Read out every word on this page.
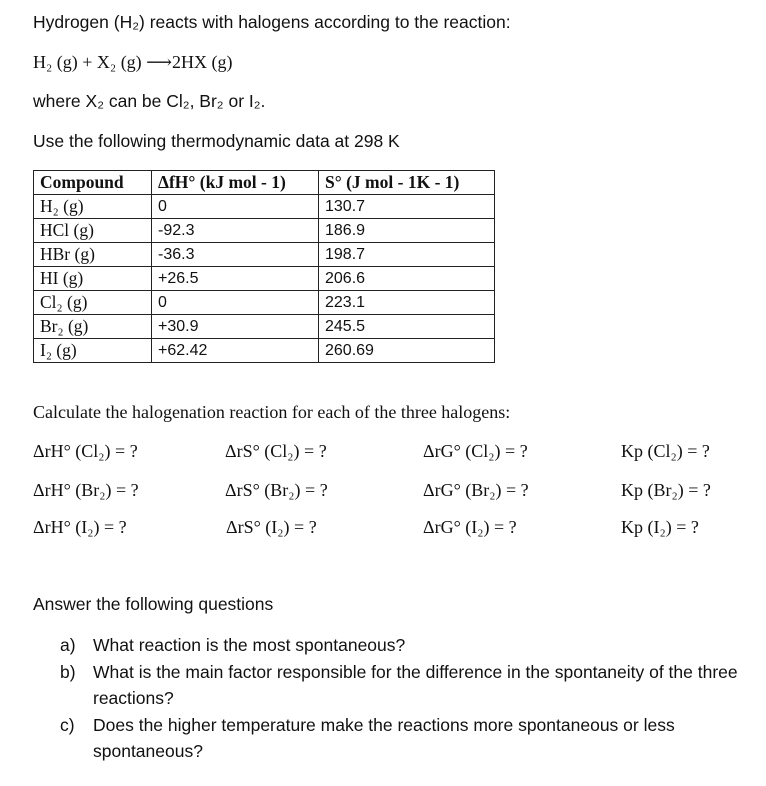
Hydrogen (H₂) reacts with halogens according to the reaction:
H₂ (g) + X₂ (g) ⟶2HX (g)
where X₂ can be Cl₂, Br₂ or I₂.
Use the following thermodynamic data at 298 K
Compound	ΔfH° (kJ mol - 1)	S° (J mol - 1K - 1)
H₂ (g)	0	130.7
HCl (g)	-92.3	186.9
HBr (g)	-36.3	198.7
HI (g)	+26.5	206.6
Cl₂ (g)	0	223.1
Br₂ (g)	+30.9	245.5
I₂ (g)	+62.42	260.69
Calculate the halogenation reaction for each of the three halogens:
ΔrH° (Cl₂) = ?	ΔrS° (Cl₂) = ?	ΔrG° (Cl₂) = ?	Kp (Cl₂) = ?
ΔrH° (Br₂) = ?	ΔrS° (Br₂) = ?	ΔrG° (Br₂) = ?	Kp (Br₂) = ?
ΔrH° (I₂) = ?	ΔrS° (I₂) = ?	ΔrG° (I₂) = ?	Kp (I₂) = ?
Answer the following questions
a) What reaction is the most spontaneous?
b) What is the main factor responsible for the difference in the spontaneity of the three reactions?
c)	Does the higher temperature make the reactions more spontaneous or less spontaneous?
